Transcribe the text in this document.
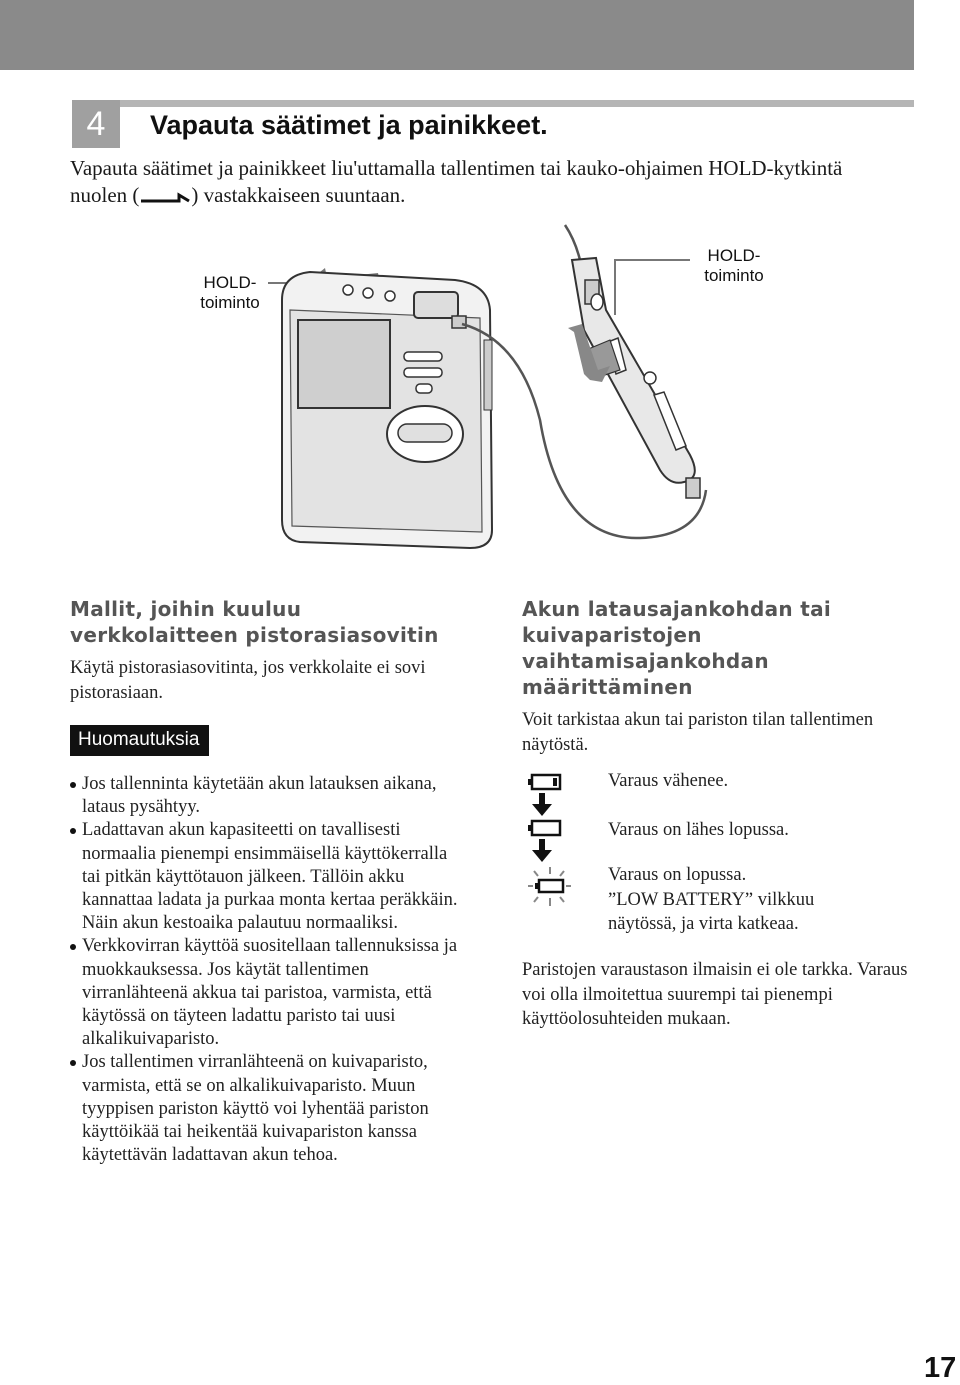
4	Vapauta säätimet ja painikkeet.
Vapauta säätimet ja painikkeet liu'uttamalla tallentimen tai kauko-ohjaimen HOLD-kytkintä nuolen ( ) vastakkaiseen suuntaan.
HOLD-
toiminto
HOLD-
toiminto
Mallit, joihin kuuluu verkkolaitteen pistorasiasovitin

Käytä pistorasiasovitinta, jos verkkolaite ei sovi pistorasiaan.

Huomautuksia
Jos tallenninta käytetään akun latauksen aikana, lataus pysähtyy.
Ladattavan akun kapasiteetti on tavallisesti normaalia pienempi ensimmäisellä käyttökerralla tai pitkän käyttötauon jälkeen. Tällöin akku kannattaa ladata ja purkaa monta kertaa peräkkäin. Näin akun kestoaika palautuu normaaliksi.
Verkkovirran käyttöä suositellaan tallennuksissa ja muokkauksessa. Jos käytät tallentimen virranlähteenä akkua tai paristoa, varmista, että käytössä on täyteen ladattu paristo tai uusi alkalikuivaparisto.
Jos tallentimen virranlähteenä on kuivaparisto, varmista, että se on alkalikuivaparisto. Muun tyyppisen pariston käyttö voi lyhentää pariston käyttöikää tai heikentää kuivapariston kanssa käytettävän ladattavan akun tehoa.
Akun latausajankohdan tai kuivaparistojen vaihtamisajankohdan määrittäminen

Voit tarkistaa akun tai pariston tilan tallentimen näytöstä.

Varaus vähenee.
Varaus on lähes lopussa.
Varaus on lopussa.
”LOW BATTERY” vilkkuu näytössä, ja virta katkeaa.

Paristojen varaustason ilmaisin ei ole tarkka. Varaus voi olla ilmoitettua suurempi tai pienempi käyttöolosuhteiden mukaan.

17
